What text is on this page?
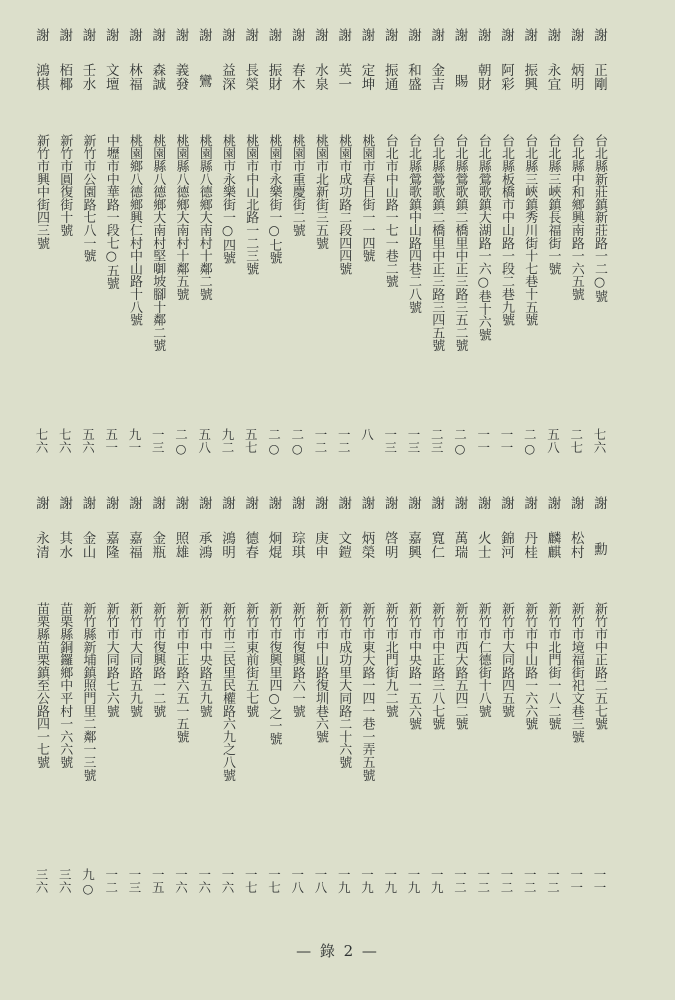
謝
正剛
台北縣新莊鎮新莊路一二○號
七六
謝
炳明
台北縣中和鄉興南路一六五號
二七
謝
永宜
台北縣三峽鎮長福街一號
五八
謝
振興
台北縣三峽鎮秀川街十七巷十五號
二○
謝
阿彩
台北縣板橋市中山路一段二巷九號
一一
謝
朝財
台北縣鶯歌鎮大湖路一六○巷十六號
一一
謝
賜
台北縣鶯歌鎮二橋里中正三路三五二號
二○
謝
金吉
台北縣鶯歌鎮二橋里中正三路三四五號
二三
謝
和盛
台北縣鶯歌鎮中山路四巷二八號
一三
謝
振通
台北市中山路一七一巷二號
一三
謝
定坤
桃園市春日街一一四號
八
謝
英一
桃園市成功路二段四四號
一二
謝
水泉
桃園市北新街三五號
一二
謝
春木
桃園市重慶街二號
二○
謝
振財
桃園市永樂街一○七號
二○
謝
長榮
桃園市中山北路一二三號
五七
謝
益深
桃園市永樂街一○四號
九二
謝
鸞
桃園縣八德鄉大南村十鄰二號
五八
謝
義發
桃園縣八德鄉大南村十鄰五號
二○
謝
森誠
桃園縣八德鄉大南村堅啣坡腳十鄰二號
一三
謝
林福
桃園鄉八德鄉興仁村中山路十八號
九一
謝
文壇
中壢市中華路一段七○五號
五一
謝
壬水
新竹市公園路七八一號
五六
謝
栢椰
新竹市圓復街十號
七六
謝
鴻棋
新竹市興中街四三號
七六
謝
勳
新竹市中正路二五七號
一一
謝
松村
新竹市境福街祀文巷三號
一一
謝
麟麒
新竹市北門街一八二號
一二
謝
丹桂
新竹市中山路一六六號
一二
謝
錦河
新竹市大同路四五號
一二
謝
火士
新竹市仁德街十八號
一二
謝
萬瑞
新竹市西大路五四二號
一二
謝
寬仁
新竹市中正路三八七號
一九
謝
嘉興
新竹市中央路一五六號
一九
謝
啓明
新竹市北門街九二號
一九
謝
炳榮
新竹市東大路一四一巷一弄五號
一九
謝
文鎧
新竹市成功里大同路二十六號
一九
謝
庚申
新竹市中山路復圳巷六號
一八
謝
琮琪
新竹市復興路六一號
一八
謝
炯焜
新竹市復興里四○之一號
一七
謝
德春
新竹市東前街五七號
一七
謝
鴻明
新竹市三民里民權路六九之八號
一六
謝
承鴻
新竹市中央路五九號
一六
謝
照雄
新竹市中正路六五一五號
一六
謝
金瓶
新竹市復興路一二號
一五
謝
嘉福
新竹市大同路五九號
一三
謝
嘉隆
新竹市大同路七六號
一二
謝
金山
新竹縣新埔鎮照門里二鄰一三號
九○
謝
其水
苗栗縣銅鑼鄉中平村一六六號
三六
謝
永清
苗栗縣苗栗鎮至公路四一七號
三六
— 錄 2 —
